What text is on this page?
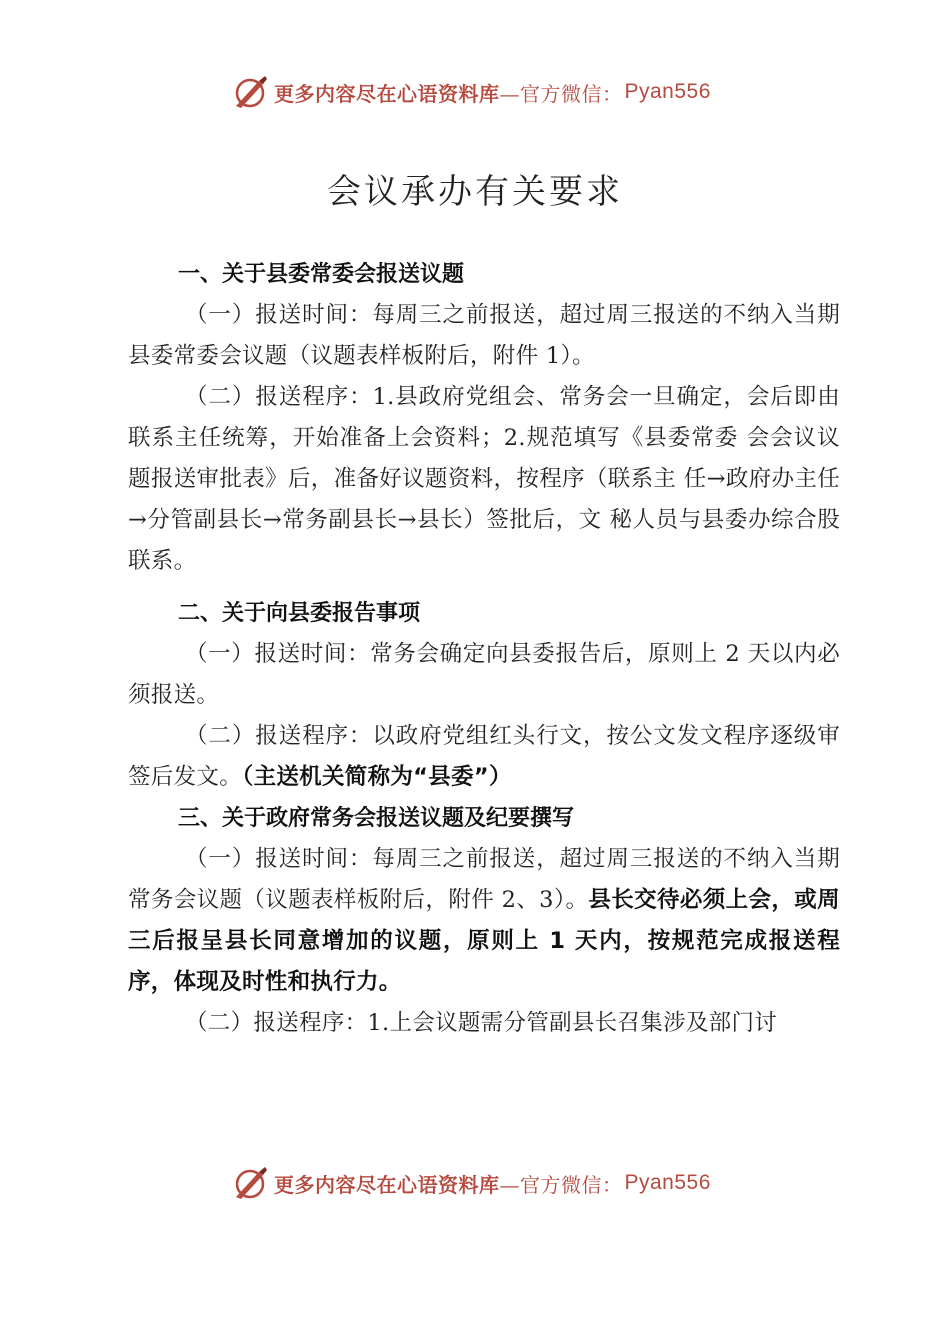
更多内容尽在心语资料库 —官方微信： Pyan556
会议承办有关要求

一、关于县委常委会报送议题

（一）报送时间：每周三之前报送，超过周三报送的不纳入当期县委常委会议题（议题表样板附后，附件 1）。

（二）报送程序：1.县政府党组会、常务会一旦确定，会后即由联系主任统筹，开始准备上会资料；2.规范填写《县委常委 会会议议题报送审批表》后，准备好议题资料，按程序（联系主 任→政府办主任→分管副县长→常务副县长→县长）签批后，文 秘人员与县委办综合股联系。

二、关于向县委报告事项

（一）报送时间：常务会确定向县委报告后，原则上 2 天以内必须报送。

（二）报送程序：以政府党组红头行文，按公文发文程序逐级审签后发文。（主送机关简称为“县委”）

三、关于政府常务会报送议题及纪要撰写

（一）报送时间：每周三之前报送，超过周三报送的不纳入当期常务会议题（议题表样板附后，附件 2、3）。县长交待必须上会，或周三后报呈县长同意增加的议题，原则上 1 天内，按规范完成报送程序，体现及时性和执行力。

（二）报送程序：1.上会议题需分管副县长召集涉及部门讨

更多内容尽在心语资料库 —官方微信： Pyan556
